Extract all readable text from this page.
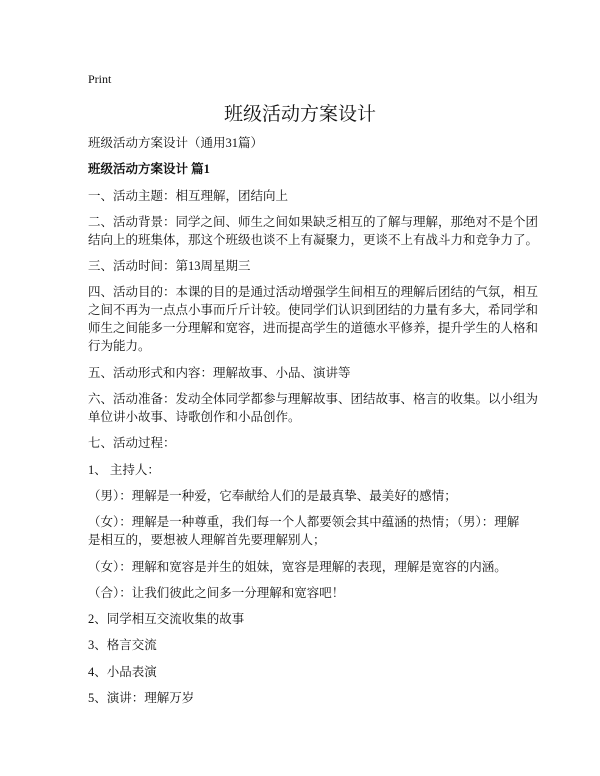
Print
班级活动方案设计
班级活动方案设计（通用31篇）
班级活动方案设计 篇1
一、活动主题：相互理解，团结向上
二、活动背景：同学之间、师生之间如果缺乏相互的了解与理解，那绝对不是个团
结向上的班集体，那这个班级也谈不上有凝聚力，更谈不上有战斗力和竞争力了。
三、活动时间：第13周星期三
四、活动目的：本课的目的是通过活动增强学生间相互的理解后团结的气氛，相互
之间不再为一点点小事而斤斤计较。使同学们认识到团结的力量有多大，希同学和
师生之间能多一分理解和宽容，进而提高学生的道德水平修养，提升学生的人格和
行为能力。
五、活动形式和内容：理解故事、小品、演讲等
六、活动准备：发动全体同学都参与理解故事、团结故事、格言的收集。以小组为
单位讲小故事、诗歌创作和小品创作。
七、活动过程：
1、 主持人：
（男）：理解是一种爱，它奉献给人们的是最真挚、最美好的感情；
（女）：理解是一种尊重，我们每一个人都要领会其中蕴涵的热情；（男）：理解
是相互的，要想被人理解首先要理解别人；
（女）：理解和宽容是并生的姐妹，宽容是理解的表现，理解是宽容的内涵。
（合）：让我们彼此之间多一分理解和宽容吧！
2、同学相互交流收集的故事
3、格言交流
4、小品表演
5、演讲：理解万岁
